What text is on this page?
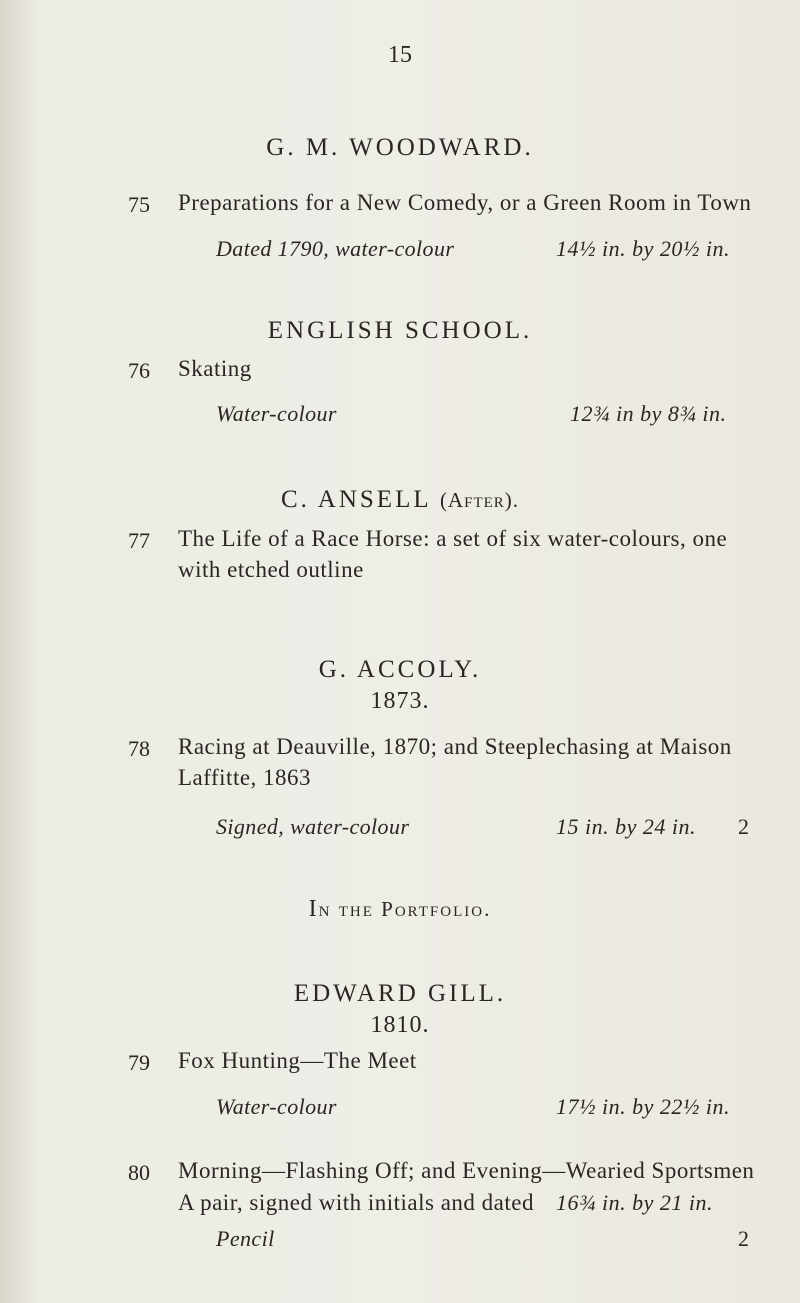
15
G. M. WOODWARD.
75 Preparations for a New Comedy, or a Green Room in Town
Dated 1790, water-colour	14½ in. by 20½ in.
ENGLISH SCHOOL.
76 Skating
Water-colour	12¾ in by 8¾ in.
C. ANSELL (After).
77 The Life of a Race Horse: a set of six water-colours, one
with etched outline
G. ACCOLY.
1873.
78 Racing at Deauville, 1870; and Steeplechasing at Maison
Laffitte, 1863
Signed, water-colour	15 in. by 24 in. 2
In the Portfolio.
EDWARD GILL.
1810.
79 Fox Hunting—The Meet
Water-colour	17½ in. by 22½ in.
80 Morning—Flashing Off; and Evening—Wearied Sportsmen
A pair, signed with initials and dated 16¾ in. by 21 in.
Pencil	2
